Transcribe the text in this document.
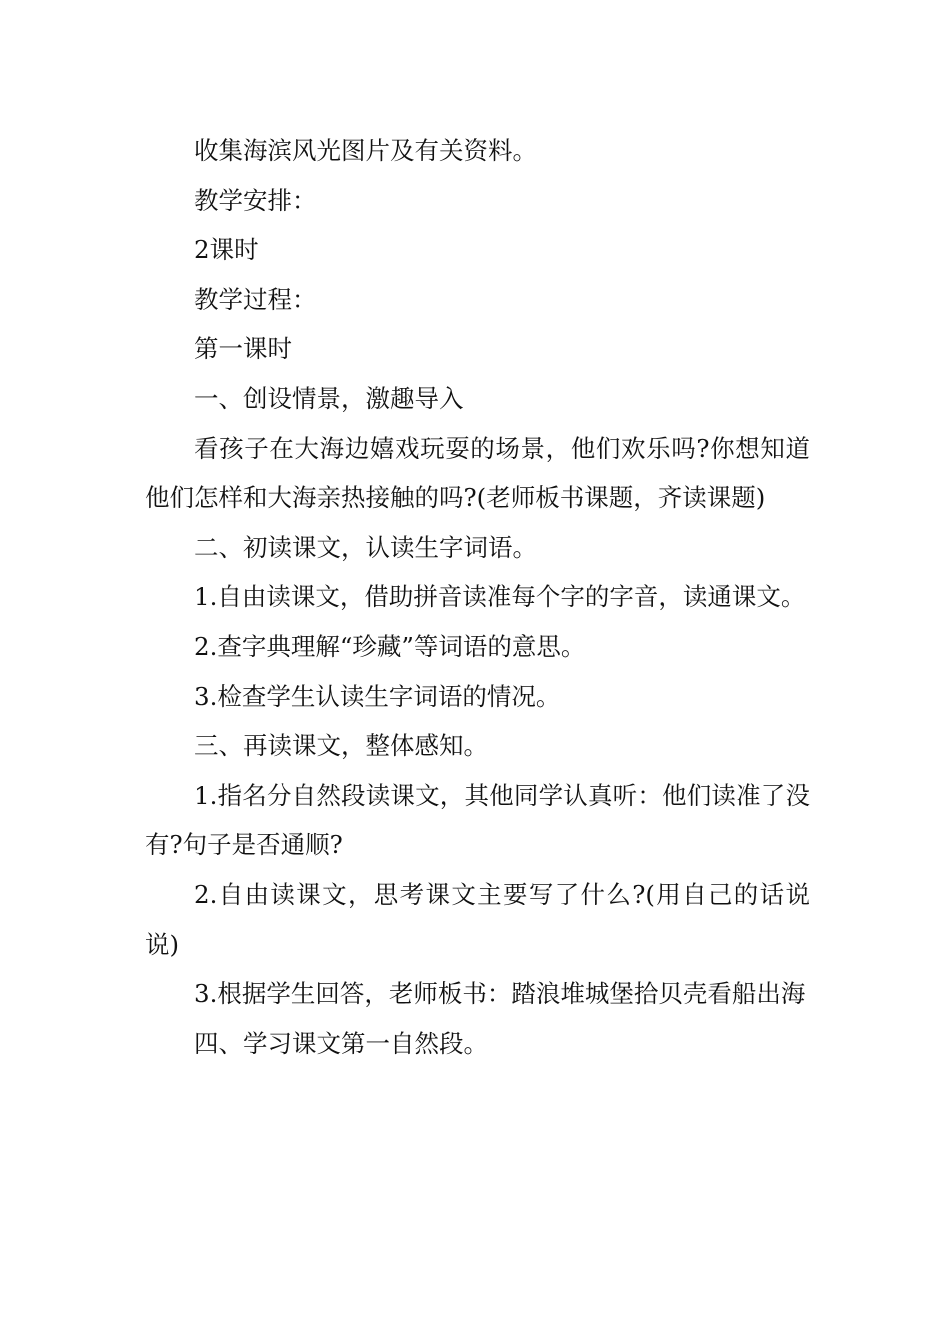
收集海滨风光图片及有关资料。

教学安排：

2课时

教学过程：

第一课时

一、创设情景，激趣导入

看孩子在大海边嬉戏玩耍的场景，他们欢乐吗?你想知道他们怎样和大海亲热接触的吗?(老师板书课题，齐读课题)

二、初读课文，认读生字词语。

1.自由读课文，借助拼音读准每个字的字音，读通课文。

2.查字典理解“珍藏”等词语的意思。

3.检查学生认读生字词语的情况。

三、再读课文，整体感知。

1.指名分自然段读课文，其他同学认真听：他们读准了没有?句子是否通顺?

2.自由读课文，思考课文主要写了什么?(用自己的话说说)

3.根据学生回答，老师板书：踏浪堆城堡拾贝壳看船出海

四、学习课文第一自然段。
